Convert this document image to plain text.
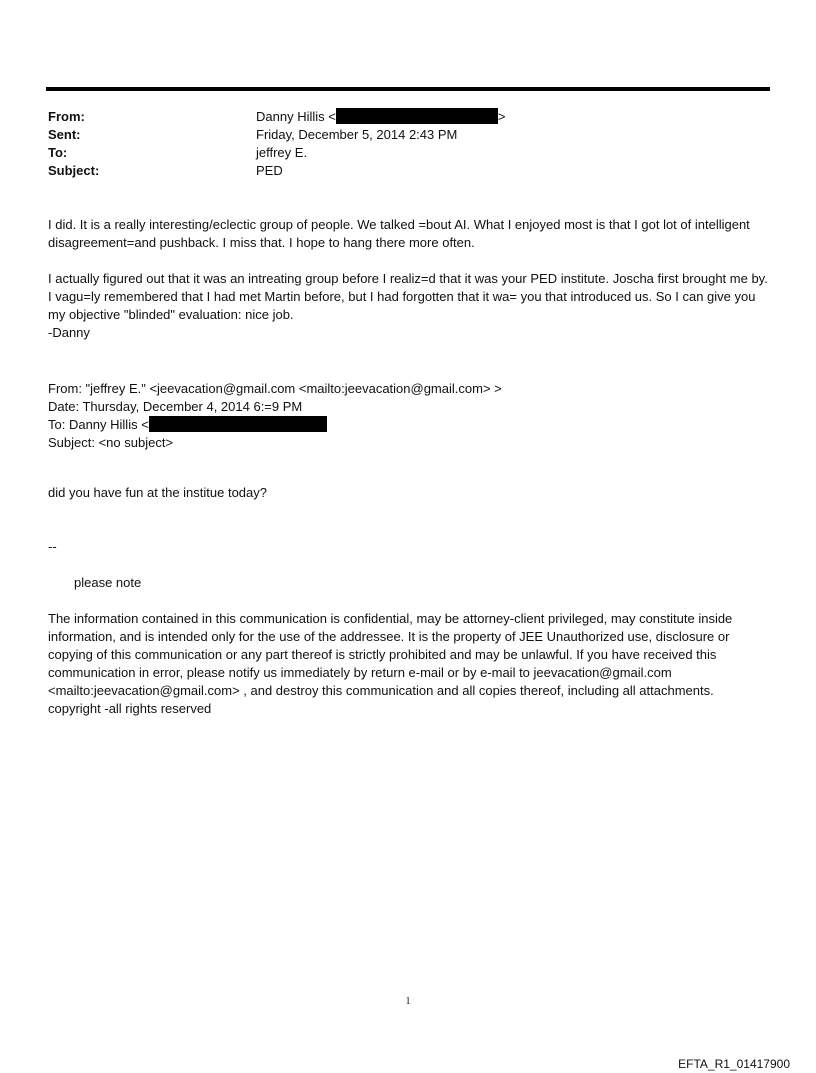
From:	Danny Hillis <	>
Sent:	Friday, December 5, 2014 2:43 PM
To:	jeffrey E.
Subject:	PED

I did. It is a really interesting/eclectic group of people. We talked =bout AI. What I enjoyed most is that I got lot of intelligent disagreement=and pushback. I miss that. I hope to hang there more often.

I actually figured out that it was an intreating group before I realiz=d that it was your PED institute. Joscha first brought me by. I vagu=ly remembered that I had met Martin before, but I had forgotten that it wa= you that introduced us. So I can give you my objective "blinded" evaluation: nice job.

-Danny

From: "jeffrey E." <jeevacation@gmail.com <mailto:jeevacation@gmail.com> >

Date: Thursday, December 4, 2014 6:=9 PM

To: Danny Hillis <

Subject: <no subject>

did you have fun at the institue today?

--

please note

The information contained in this communication is confidential, may be attorney-client privileged, may constitute inside information, and is intended only for the use of the addressee. It is the property of JEE Unauthorized use, disclosure or copying of this communication or any part thereof is strictly prohibited and may be unlawful. If you have received this communication in error, please notify us immediately by return e-mail or by e-mail to jeevacation@gmail.com <mailto:jeevacation@gmail.com> , and destroy this communication and all copies thereof, including all attachments. copyright -all rights reserved

1
EFTA_R1_01417900
